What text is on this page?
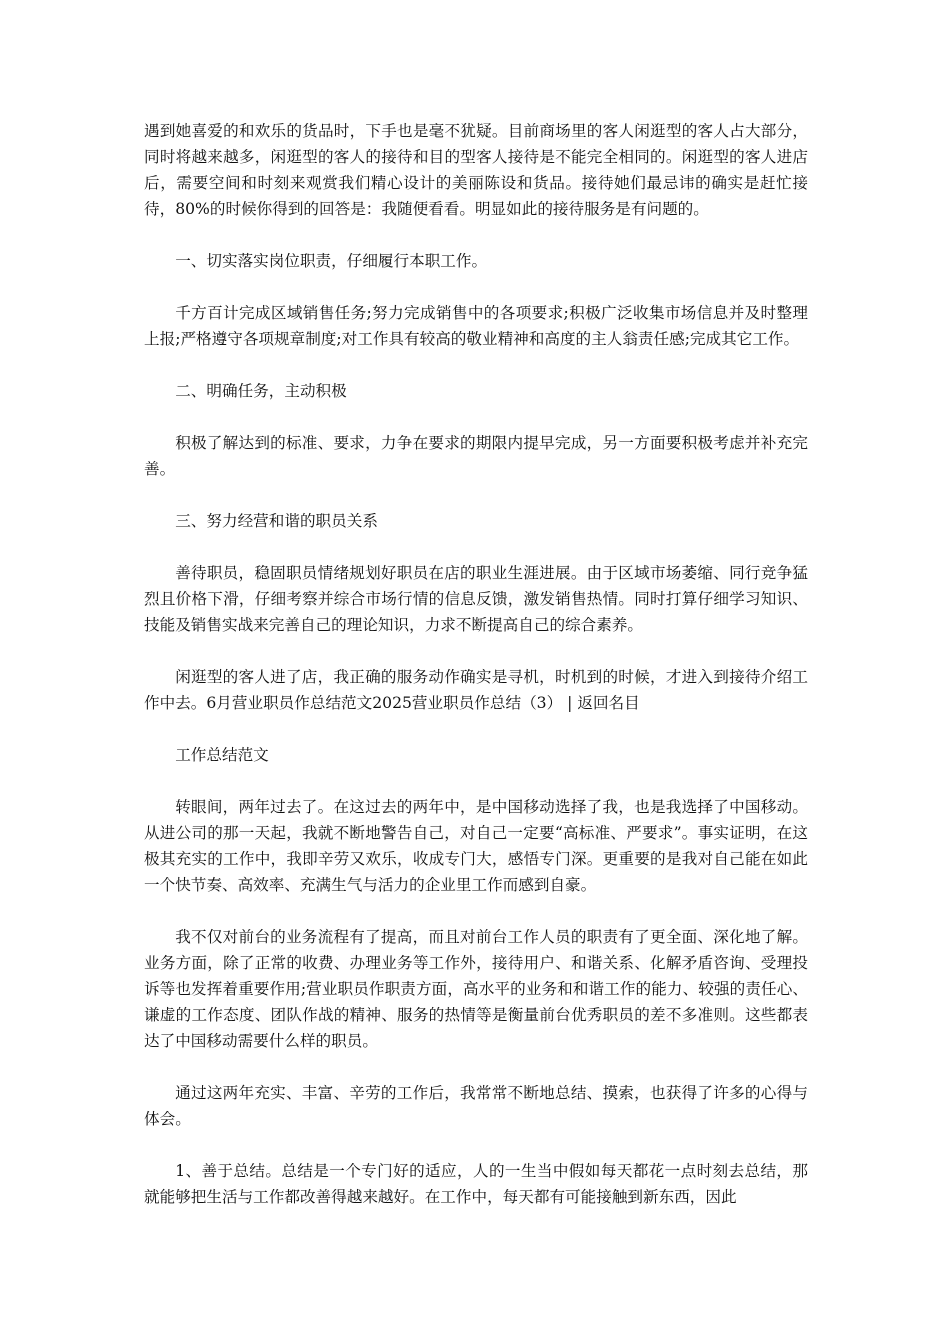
遇到她喜爱的和欢乐的货品时，下手也是毫不犹疑。目前商场里的客人闲逛型的客人占大部分，同时将越来越多，闲逛型的客人的接待和目的型客人接待是不能完全相同的。闲逛型的客人进店后，需要空间和时刻来观赏我们精心设计的美丽陈设和货品。接待她们最忌讳的确实是赶忙接待，80%的时候你得到的回答是：我随便看看。明显如此的接待服务是有问题的。

一、切实落实岗位职责，仔细履行本职工作。

千方百计完成区域销售任务;努力完成销售中的各项要求;积极广泛收集市场信息并及时整理上报;严格遵守各项规章制度;对工作具有较高的敬业精神和高度的主人翁责任感;完成其它工作。

二、明确任务，主动积极

积极了解达到的标准、要求，力争在要求的期限内提早完成，另一方面要积极考虑并补充完善。

三、努力经营和谐的职员关系

善待职员，稳固职员情绪规划好职员在店的职业生涯进展。由于区域市场萎缩、同行竞争猛烈且价格下滑，仔细考察并综合市场行情的信息反馈，激发销售热情。同时打算仔细学习知识、技能及销售实战来完善自己的理论知识，力求不断提高自己的综合素养。

闲逛型的客人进了店，我正确的服务动作确实是寻机，时机到的时候，才进入到接待介绍工作中去。6月营业职员作总结范文2025营业职员作总结（3） | 返回名目

工作总结范文

转眼间，两年过去了。在这过去的两年中，是中国移动选择了我，也是我选择了中国移动。从进公司的那一天起，我就不断地警告自己，对自己一定要“高标准、严要求”。事实证明，在这极其充实的工作中，我即辛劳又欢乐，收成专门大，感悟专门深。更重要的是我对自己能在如此一个快节奏、高效率、充满生气与活力的企业里工作而感到自豪。

我不仅对前台的业务流程有了提高，而且对前台工作人员的职责有了更全面、深化地了解。业务方面，除了正常的收费、办理业务等工作外，接待用户、和谐关系、化解矛盾咨询、受理投诉等也发挥着重要作用;营业职员作职责方面，高水平的业务和和谐工作的能力、较强的责任心、谦虚的工作态度、团队作战的精神、服务的热情等是衡量前台优秀职员的差不多准则。这些都表达了中国移动需要什么样的职员。

通过这两年充实、丰富、辛劳的工作后，我常常不断地总结、摸索，也获得了许多的心得与体会。

1、善于总结。总结是一个专门好的适应，人的一生当中假如每天都花一点时刻去总结，那就能够把生活与工作都改善得越来越好。在工作中，每天都有可能接触到新东西，因此
